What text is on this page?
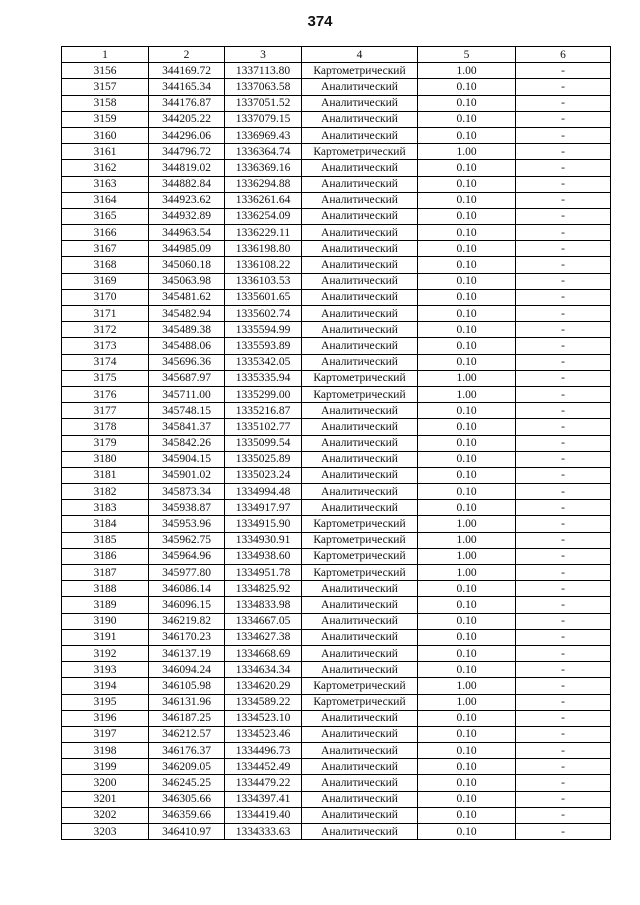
374
1	2	3	4	5	6
3156	344169.72	1337113.80	Картометрический	1.00	-
3157	344165.34	1337063.58	Аналитический	0.10	-
3158	344176.87	1337051.52	Аналитический	0.10	-
3159	344205.22	1337079.15	Аналитический	0.10	-
3160	344296.06	1336969.43	Аналитический	0.10	-
3161	344796.72	1336364.74	Картометрический	1.00	-
3162	344819.02	1336369.16	Аналитический	0.10	-
3163	344882.84	1336294.88	Аналитический	0.10	-
3164	344923.62	1336261.64	Аналитический	0.10	-
3165	344932.89	1336254.09	Аналитический	0.10	-
3166	344963.54	1336229.11	Аналитический	0.10	-
3167	344985.09	1336198.80	Аналитический	0.10	-
3168	345060.18	1336108.22	Аналитический	0.10	-
3169	345063.98	1336103.53	Аналитический	0.10	-
3170	345481.62	1335601.65	Аналитический	0.10	-
3171	345482.94	1335602.74	Аналитический	0.10	-
3172	345489.38	1335594.99	Аналитический	0.10	-
3173	345488.06	1335593.89	Аналитический	0.10	-
3174	345696.36	1335342.05	Аналитический	0.10	-
3175	345687.97	1335335.94	Картометрический	1.00	-
3176	345711.00	1335299.00	Картометрический	1.00	-
3177	345748.15	1335216.87	Аналитический	0.10	-
3178	345841.37	1335102.77	Аналитический	0.10	-
3179	345842.26	1335099.54	Аналитический	0.10	-
3180	345904.15	1335025.89	Аналитический	0.10	-
3181	345901.02	1335023.24	Аналитический	0.10	-
3182	345873.34	1334994.48	Аналитический	0.10	-
3183	345938.87	1334917.97	Аналитический	0.10	-
3184	345953.96	1334915.90	Картометрический	1.00	-
3185	345962.75	1334930.91	Картометрический	1.00	-
3186	345964.96	1334938.60	Картометрический	1.00	-
3187	345977.80	1334951.78	Картометрический	1.00	-
3188	346086.14	1334825.92	Аналитический	0.10	-
3189	346096.15	1334833.98	Аналитический	0.10	-
3190	346219.82	1334667.05	Аналитический	0.10	-
3191	346170.23	1334627.38	Аналитический	0.10	-
3192	346137.19	1334668.69	Аналитический	0.10	-
3193	346094.24	1334634.34	Аналитический	0.10	-
3194	346105.98	1334620.29	Картометрический	1.00	-
3195	346131.96	1334589.22	Картометрический	1.00	-
3196	346187.25	1334523.10	Аналитический	0.10	-
3197	346212.57	1334523.46	Аналитический	0.10	-
3198	346176.37	1334496.73	Аналитический	0.10	-
3199	346209.05	1334452.49	Аналитический	0.10	-
3200	346245.25	1334479.22	Аналитический	0.10	-
3201	346305.66	1334397.41	Аналитический	0.10	-
3202	346359.66	1334419.40	Аналитический	0.10	-
3203	346410.97	1334333.63	Аналитический	0.10	-
